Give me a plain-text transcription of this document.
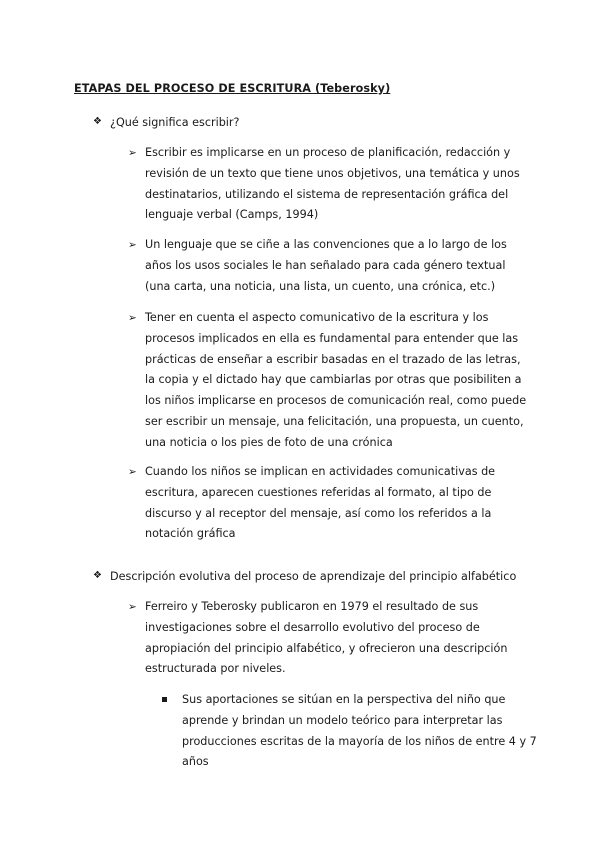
ETAPAS DEL PROCESO DE ESCRITURA (Teberosky)
❖ ¿Qué significa escribir?
➢ Escribir es implicarse en un proceso de planificación, redacción y revisión de un texto que tiene unos objetivos, una temática y unos destinatarios, utilizando el sistema de representación gráfica del lenguaje verbal (Camps, 1994)
➢ Un lenguaje que se ciñe a las convenciones que a lo largo de los años los usos sociales le han señalado para cada género textual (una carta, una noticia, una lista, un cuento, una crónica, etc.)
➢ Tener en cuenta el aspecto comunicativo de la escritura y los procesos implicados en ella es fundamental para entender que las prácticas de enseñar a escribir basadas en el trazado de las letras, la copia y el dictado hay que cambiarlas por otras que posibiliten a los niños implicarse en procesos de comunicación real, como puede ser escribir un mensaje, una felicitación, una propuesta, un cuento, una noticia o los pies de foto de una crónica
➢ Cuando los niños se implican en actividades comunicativas de escritura, aparecen cuestiones referidas al formato, al tipo de discurso y al receptor del mensaje, así como los referidos a la notación gráfica
❖ Descripción evolutiva del proceso de aprendizaje del principio alfabético
➢ Ferreiro y Teberosky publicaron en 1979 el resultado de sus investigaciones sobre el desarrollo evolutivo del proceso de apropiación del principio alfabético, y ofrecieron una descripción estructurada por niveles.
Sus aportaciones se sitúan en la perspectiva del niño que aprende y brindan un modelo teórico para interpretar las producciones escritas de la mayoría de los niños de entre 4 y 7 años
